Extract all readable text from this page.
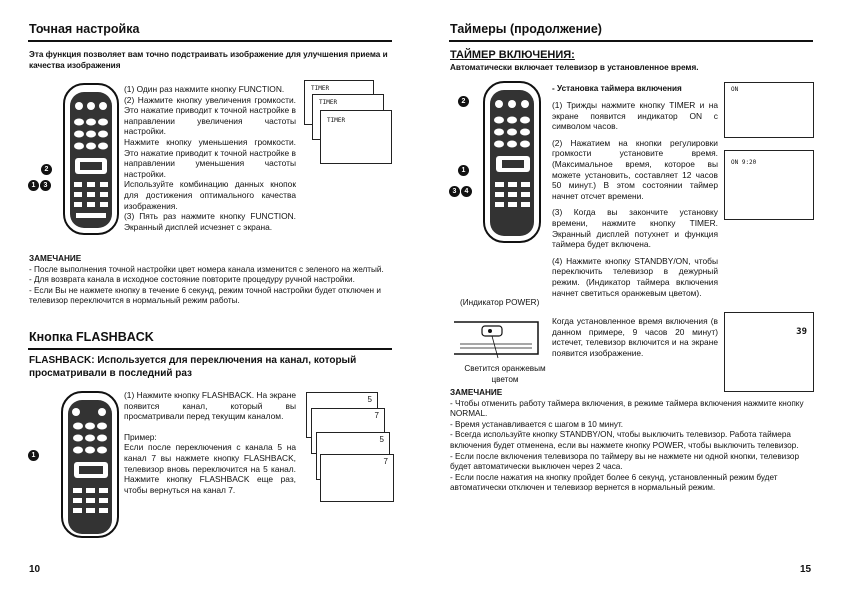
Точная настройка
Эта функция позволяет вам точно подстраивать изображение для улучшения приема и качества изображения
2
1	3

(1) Один раз нажмите кнопку FUNCTION.

(2) Нажмите кнопку увеличения громкости. Это нажатие приводит к точной настройке в направлении увеличения частоты настройки.

Нажмите кнопку уменьшения громкости. Это нажатие приводит к точной настройке в направлении уменьшения частоты настройки.

Используйте комбинацию данных кнопок для достижения оптимального качества изображения.

(3) Пять раз нажмите кнопку FUNCTION. Экранный дисплей исчезнет с экрана.

TIMER
TIMER
TIMER
ЗАМЕЧАНИЕ
- После выполнения точной настройки цвет номера канала изменится с зеленого на желтый.
- Для возврата канала в исходное состояние повторите процедуру ручной настройки.
- Если Вы не нажмете кнопку в течение 6 секунд, режим точной настройки будет отключен и телевизор переключится в нормальный режим работы.
Кнопка FLASHBACK
FLASHBACK: Используется для переключения на канал, который просматривали в последний раз
1

(1) Нажмите кнопку FLASHBACK. На экране появится канал, который вы просматривали перед текущим каналом.

Пример:

Если после переключения с канала 5 на канал 7 вы нажмете кнопку FLASHBACK, телевизор вновь переключится на 5 канал. Нажмите кнопку FLASHBACK еще раз, чтобы вернуться на канал 7.

5
7
5
7
10
Таймеры (продолжение)
ТАЙМЕР ВКЛЮЧЕНИЯ:
Автоматически включает телевизор в установленное время.
2
1
3	4
- Установка таймера включения

(1) Трижды нажмите кнопку TIMER и на экране появится индикатор ON с символом часов.

(2) Нажатием на кнопки регулировки громкости установите время. (Максимальное время, которое вы можете установить, составляет 12 часов 50 минут.) В этом состоянии таймер начнет отсчет времени.

(3) Когда вы закончите установку времени, нажмите кнопку TIMER. Экранный дисплей потухнет и функция таймера будет включена.

(4) Нажмите кнопку STANDBY/ON, чтобы переключить телевизор в дежурный режим. (Индикатор таймера включения начнет светиться оранжевым цветом).

ON
ON 9:20
(Индикатор POWER)
Светится оранжевым цветом
Когда установленное время включения (в данном примере, 9 часов 20 минут) истечет, телевизор включится и на экране появится изображение.
39
ЗАМЕЧАНИЕ
- Чтобы отменить работу таймера включения, в режиме таймера включения нажмите кнопку NORMAL.
- Время устанавливается с шагом в 10 минут.
- Всегда используйте кнопку STANDBY/ON, чтобы выключить телевизор. Работа таймера включения будет отменена, если вы нажмете кнопку POWER, чтобы выключить телевизор.
- Если после включения телевизора по таймеру вы не нажмете ни одной кнопки, телевизор будет автоматически выключен через 2 часа.
- Если после нажатия на кнопку пройдет более 6 секунд, установленный режим будет автоматически отключен и телевизор вернется в нормальный режим.
15
